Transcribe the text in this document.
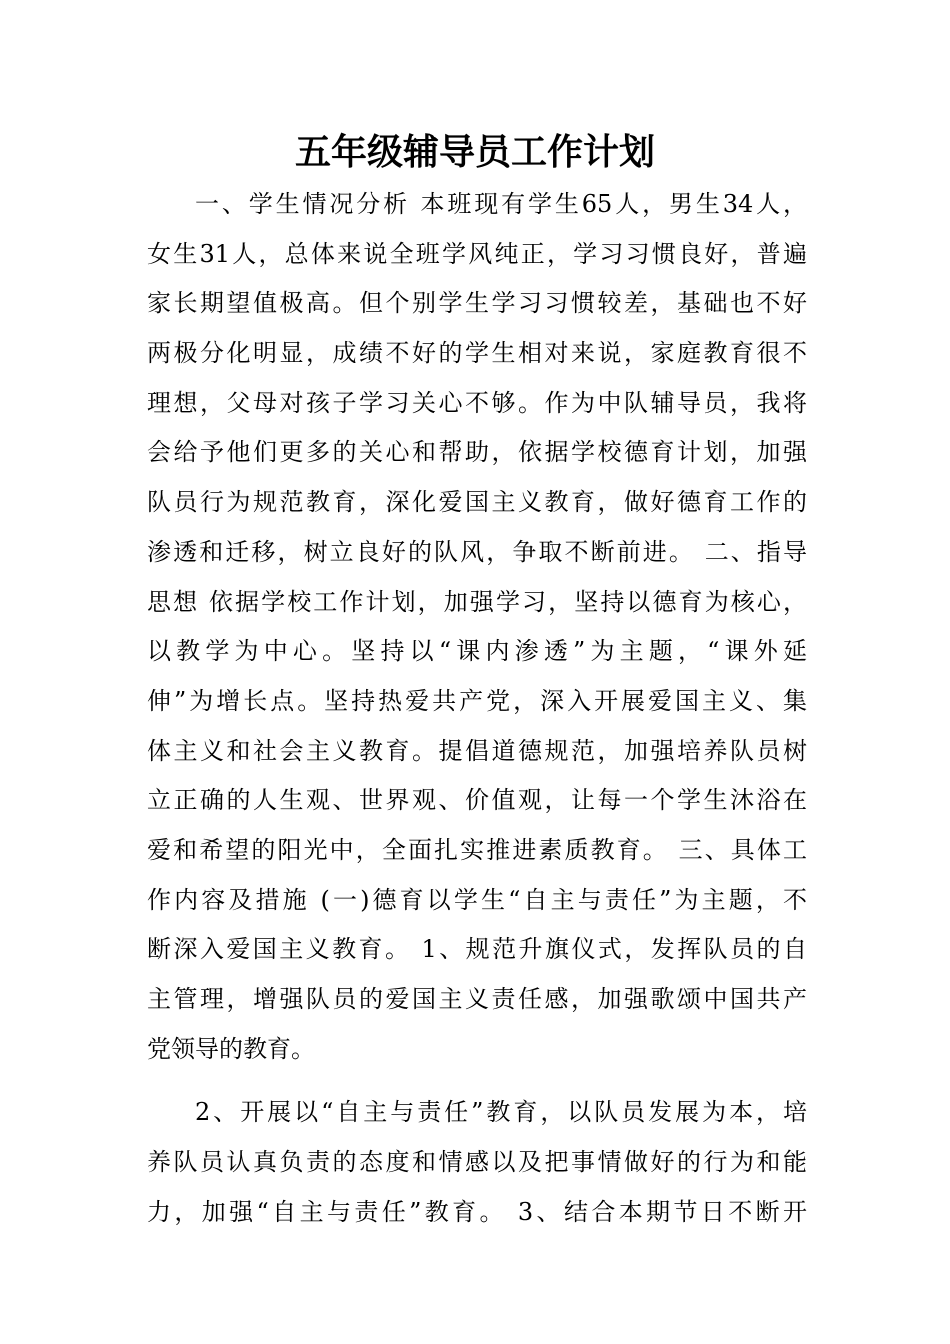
五年级辅导员工作计划
一、学生情况分析 本班现有学生65人，男生34人，
女生31人，总体来说全班学风纯正，学习习惯良好，普遍
家长期望值极高。但个别学生学习习惯较差，基础也不好
两极分化明显，成绩不好的学生相对来说，家庭教育很不
理想，父母对孩子学习关心不够。作为中队辅导员，我将
会给予他们更多的关心和帮助，依据学校德育计划，加强
队员行为规范教育，深化爱国主义教育，做好德育工作的
渗透和迁移，树立良好的队风，争取不断前进。 二、指导
思想 依据学校工作计划，加强学习，坚持以德育为核心，
以教学为中心。坚持以“课内渗透”为主题，“课外延
伸”为增长点。坚持热爱共产党，深入开展爱国主义、集
体主义和社会主义教育。提倡道德规范，加强培养队员树
立正确的人生观、世界观、价值观，让每一个学生沐浴在
爱和希望的阳光中，全面扎实推进素质教育。 三、具体工
作内容及措施 (一)德育以学生“自主与责任”为主题，不
断深入爱国主义教育。 1、规范升旗仪式，发挥队员的自
主管理，增强队员的爱国主义责任感，加强歌颂中国共产
党领导的教育。
2、开展以“自主与责任”教育，以队员发展为本，培
养队员认真负责的态度和情感以及把事情做好的行为和能
力，加强“自主与责任”教育。 3、结合本期节日不断开
